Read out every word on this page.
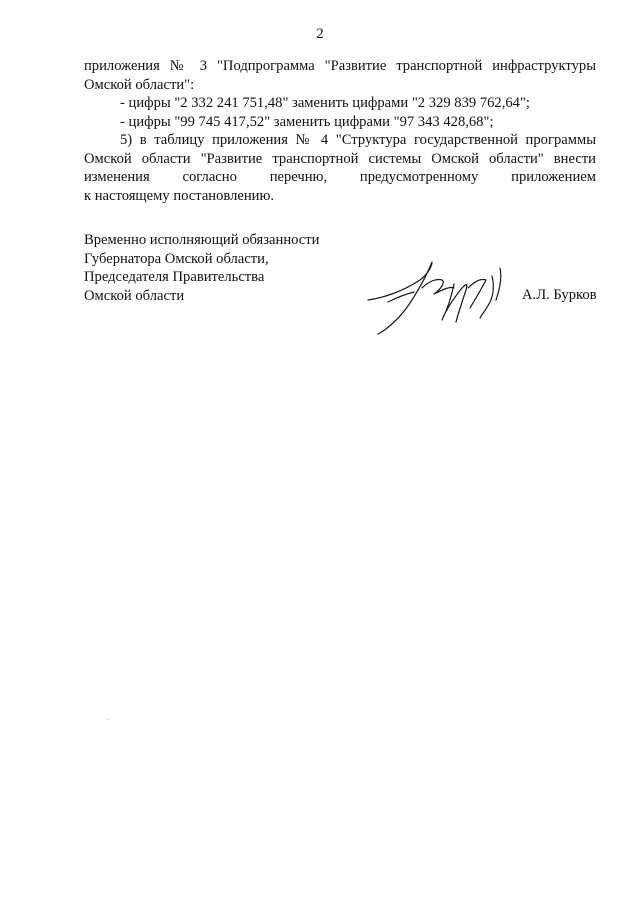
2

приложения № 3 "Подпрограмма "Развитие транспортной инфраструктуры

Омской области":

- цифры "2 332 241 751,48" заменить цифрами "2 329 839 762,64";

- цифры "99 745 417,52" заменить цифрами "97 343 428,68";

5) в таблицу приложения № 4 "Структура государственной программы

Омской области "Развитие транспортной системы Омской области" внести

изменения согласно перечню, предусмотренному приложением

к настоящему постановлению.

Временно исполняющий обязанности
Губернатора Омской области,
Председателя Правительства
Омской области	А.Л. Бурков
